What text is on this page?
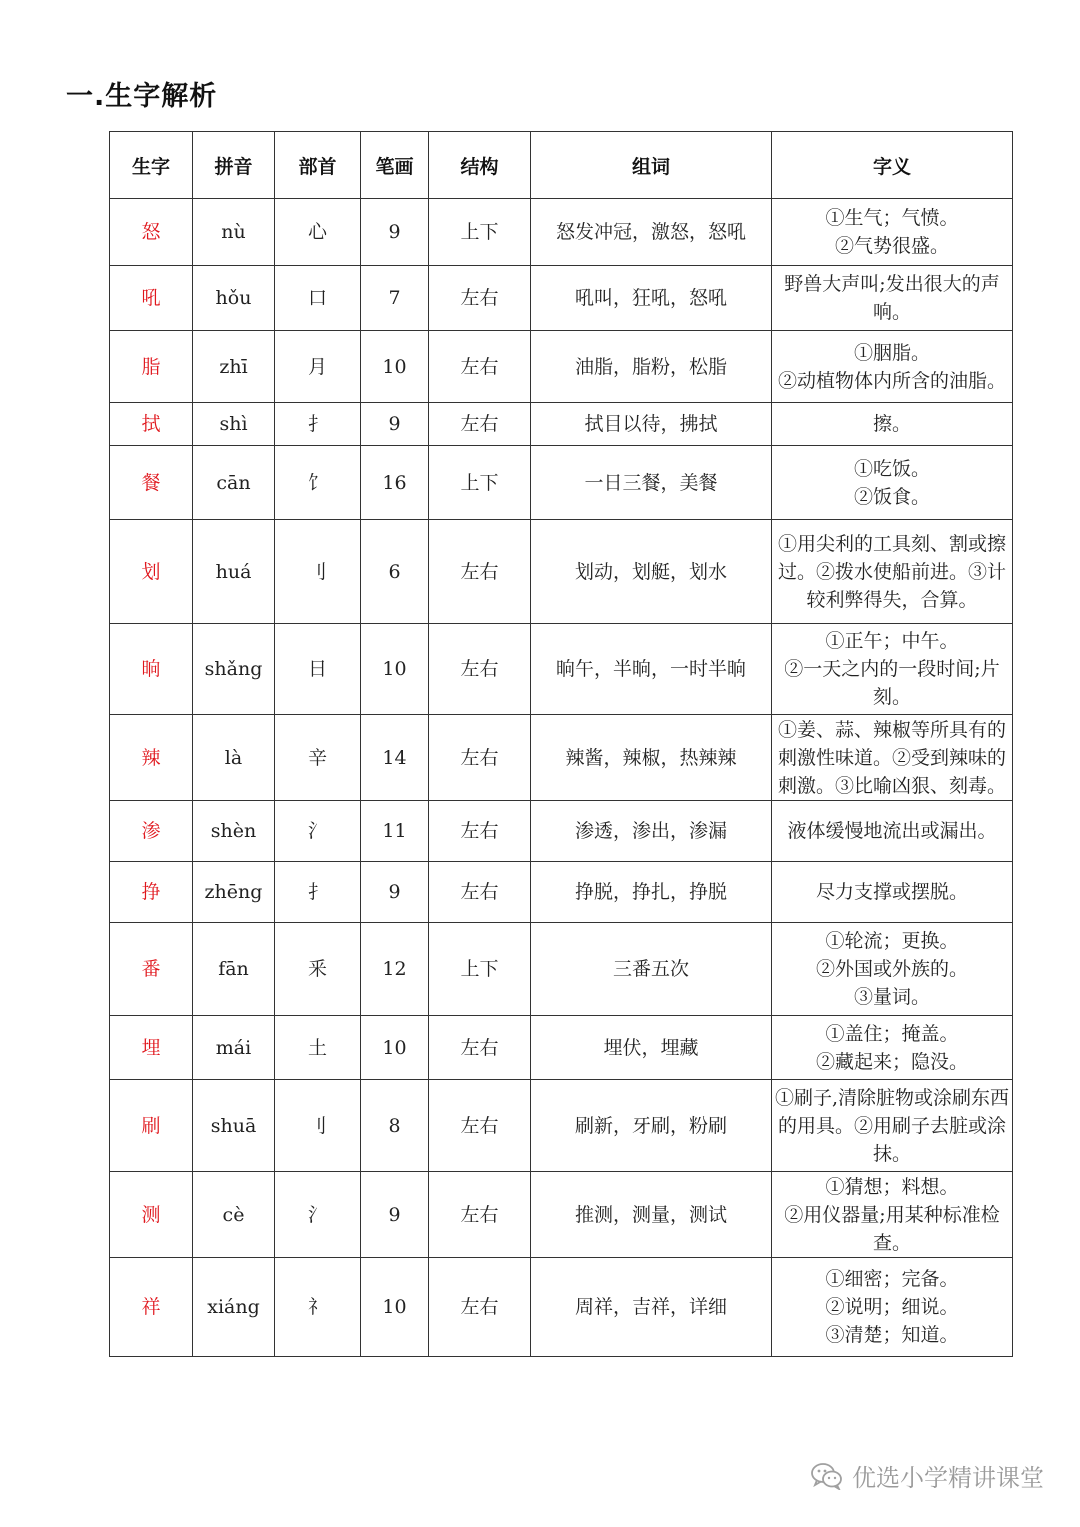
一.生字解析
生字	拼音	部首	笔画	结构	组词	字义
怒	nù	心	9	上下	怒发冲冠，激怒，怒吼	①生气；气愤。
②气势很盛。
吼	hǒu	口	7	左右	吼叫，狂吼，怒吼	野兽大声叫;发出很大的声响。
脂	zhī	月	10	左右	油脂，脂粉，松脂	①胭脂。
②动植物体内所含的油脂。
拭	shì	扌	9	左右	拭目以待，拂拭	擦。
餐	cān	饣	16	上下	一日三餐，美餐	①吃饭。
②饭食。
划	huá	刂	6	左右	划动，划艇，划水	①用尖利的工具刻、割或擦过。②拨水使船前进。③计较利弊得失，合算。
晌	shǎng	日	10	左右	晌午，半晌，一时半晌	①正午；中午。
②一天之内的一段时间;片刻。
辣	là	辛	14	左右	辣酱，辣椒，热辣辣	①姜、蒜、辣椒等所具有的刺激性味道。②受到辣味的刺激。③比喻凶狠、刻毒。
渗	shèn	氵	11	左右	渗透，渗出，渗漏	液体缓慢地流出或漏出。
挣	zhēng	扌	9	左右	挣脱，挣扎，挣脱	尽力支撑或摆脱。
番	fān	釆	12	上下	三番五次	①轮流；更换。
②外国或外族的。
③量词。
埋	mái	土	10	左右	埋伏，埋藏	①盖住；掩盖。
②藏起来；隐没。
刷	shuā	刂	8	左右	刷新，牙刷，粉刷	①刷子,清除脏物或涂刷东西的用具。②用刷子去脏或涂抹。
测	cè	氵	9	左右	推测，测量，测试	①猜想；料想。
②用仪器量;用某种标准检查。
祥	xiáng	礻	10	左右	周祥，吉祥，详细	①细密；完备。
②说明；细说。
③清楚；知道。
优选小学精讲课堂
